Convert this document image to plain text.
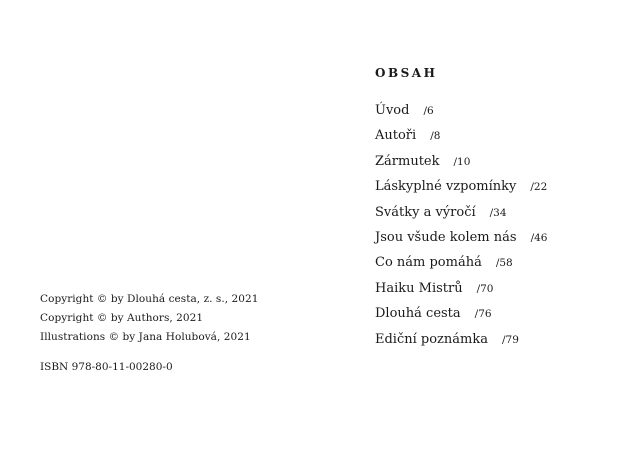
Copyright © by Dlouhá cesta, z. s., 2021
Copyright © by Authors, 2021
Illustrations © by Jana Holubová, 2021
ISBN 978-80-11-00280-0
OBSAH
Úvod /6
Autoři /8
Zármutek /10
Láskyplné vzpomínky /22
Svátky a výročí /34
Jsou všude kolem nás /46
Co nám pomáhá /58
Haiku Mistrů /70
Dlouhá cesta /76
Ediční poznámka /79
